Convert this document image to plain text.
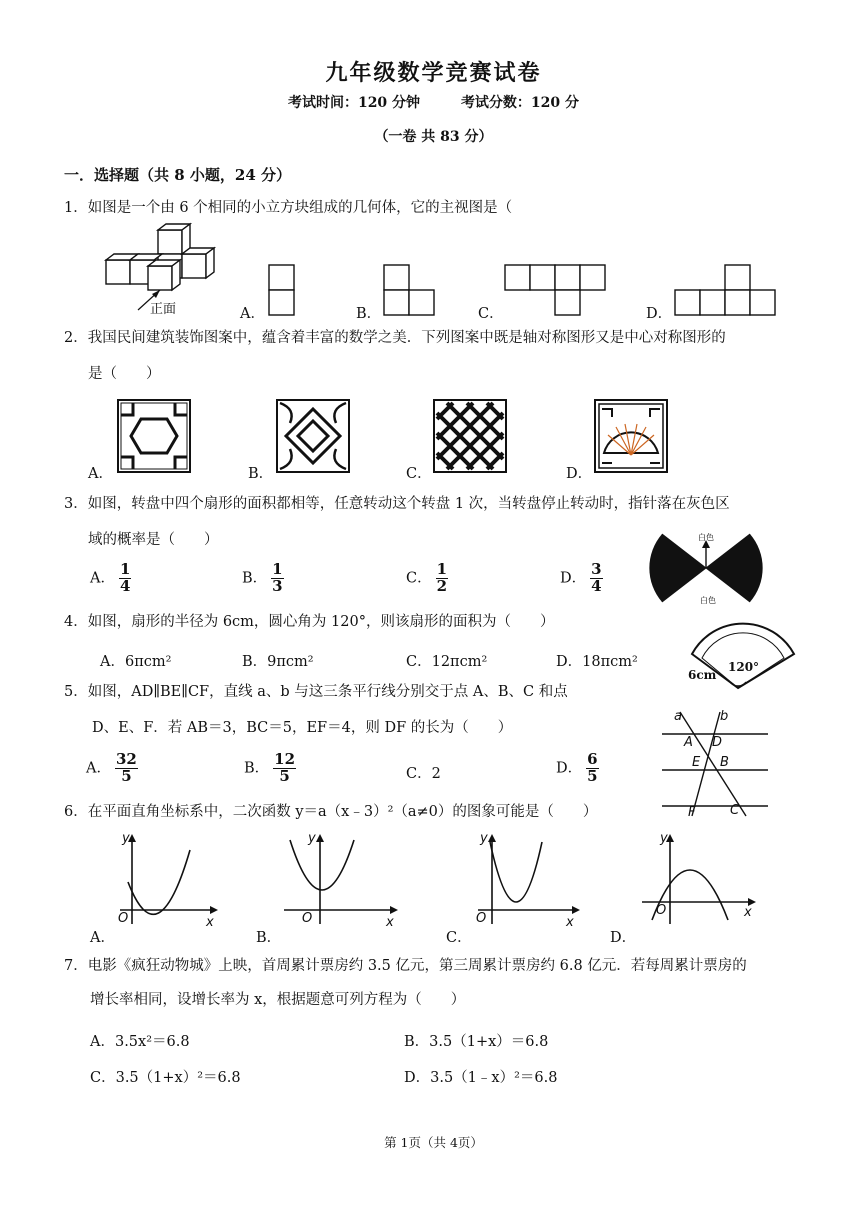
九年级数学竞赛试卷
考试时间：120 分钟	考试分数：120 分
（一卷 共 83 分）
一．选择题（共 8 小题，24 分）
1．如图是一个由 6 个相同的小立方块组成的几何体，它的主视图是（
正面	A．	B．	C．	D．
2．我国民间建筑装饰图案中，蕴含着丰富的数学之美．下列图案中既是轴对称图形又是中心对称图形的
是（　　）
A．	B．	C．	D．
3．如图，转盘中四个扇形的面积都相等，任意转动这个转盘 1 次，当转盘停止转动时，指针落在灰色区
域的概率是（　　）
A． $\frac{1}{4}$	B． $\frac{1}{3}$	C． $\frac{1}{2}$	D． $\frac{3}{4}$
白色
白色
4．如图，扇形的半径为 6cm，圆心角为 120°，则该扇形的面积为（　　）
A．6πcm²	B．9πcm²	C．12πcm²	D．18πcm²
6cm
120°
5．如图，AD∥BE∥CF，直线 a、b 与这三条平行线分别交于点 A、B、C 和点
D、E、F．若 AB＝3，BC＝5，EF＝4，则 DF 的长为（　　）
A． $\frac{32}{5}$	B． $\frac{12}{5}$	C．2	D． $\frac{6}{5}$
a	b
A D
E B
F	C
6．在平面直角坐标系中，二次函数 y＝a（x﹣3）²（a≠0）的图象可能是（　　）
A．
y
O	x
B．
y
O	x
C．
y
O	x
D．
y
O	x
7．电影《疯狂动物城》上映，首周累计票房约 3.5 亿元，第三周累计票房约 6.8 亿元．若每周累计票房的
增长率相同，设增长率为 x，根据题意可列方程为（　　）
A．3.5x²＝6.8	B．3.5（1+x）＝6.8
C．3.5（1+x）²＝6.8	D．3.5（1﹣x）²＝6.8
第 1页（共 4页）
